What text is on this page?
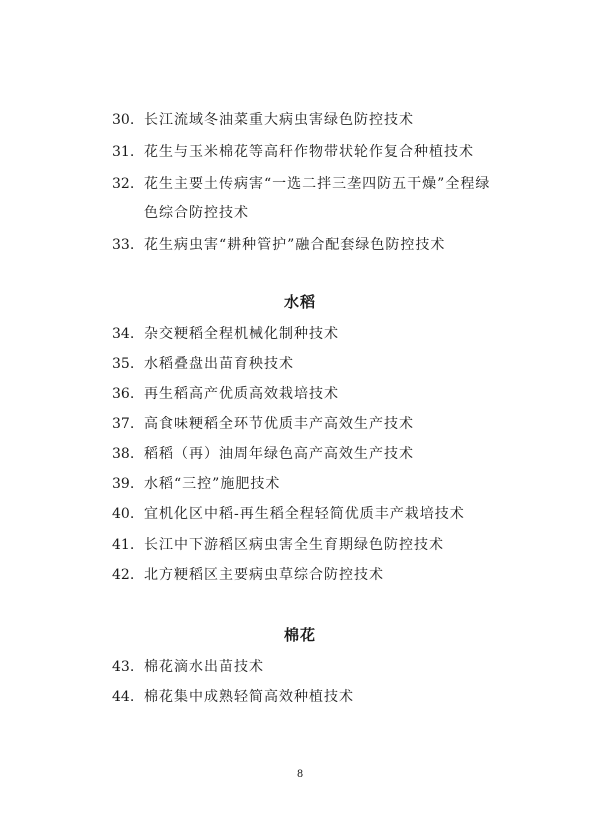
30. 长江流域冬油菜重大病虫害绿色防控技术
31. 花生与玉米棉花等高秆作物带状轮作复合种植技术
32. 花生主要土传病害“一选二拌三垄四防五干燥”全程绿
色综合防控技术
33. 花生病虫害“耕种管护”融合配套绿色防控技术
水稻
34. 杂交粳稻全程机械化制种技术
35. 水稻叠盘出苗育秧技术
36. 再生稻高产优质高效栽培技术
37. 高食味粳稻全环节优质丰产高效生产技术
38. 稻稻（再）油周年绿色高产高效生产技术
39. 水稻“三控”施肥技术
40. 宜机化区中稻-再生稻全程轻简优质丰产栽培技术
41. 长江中下游稻区病虫害全生育期绿色防控技术
42. 北方粳稻区主要病虫草综合防控技术
棉花
43. 棉花滴水出苗技术
44. 棉花集中成熟轻简高效种植技术
8
